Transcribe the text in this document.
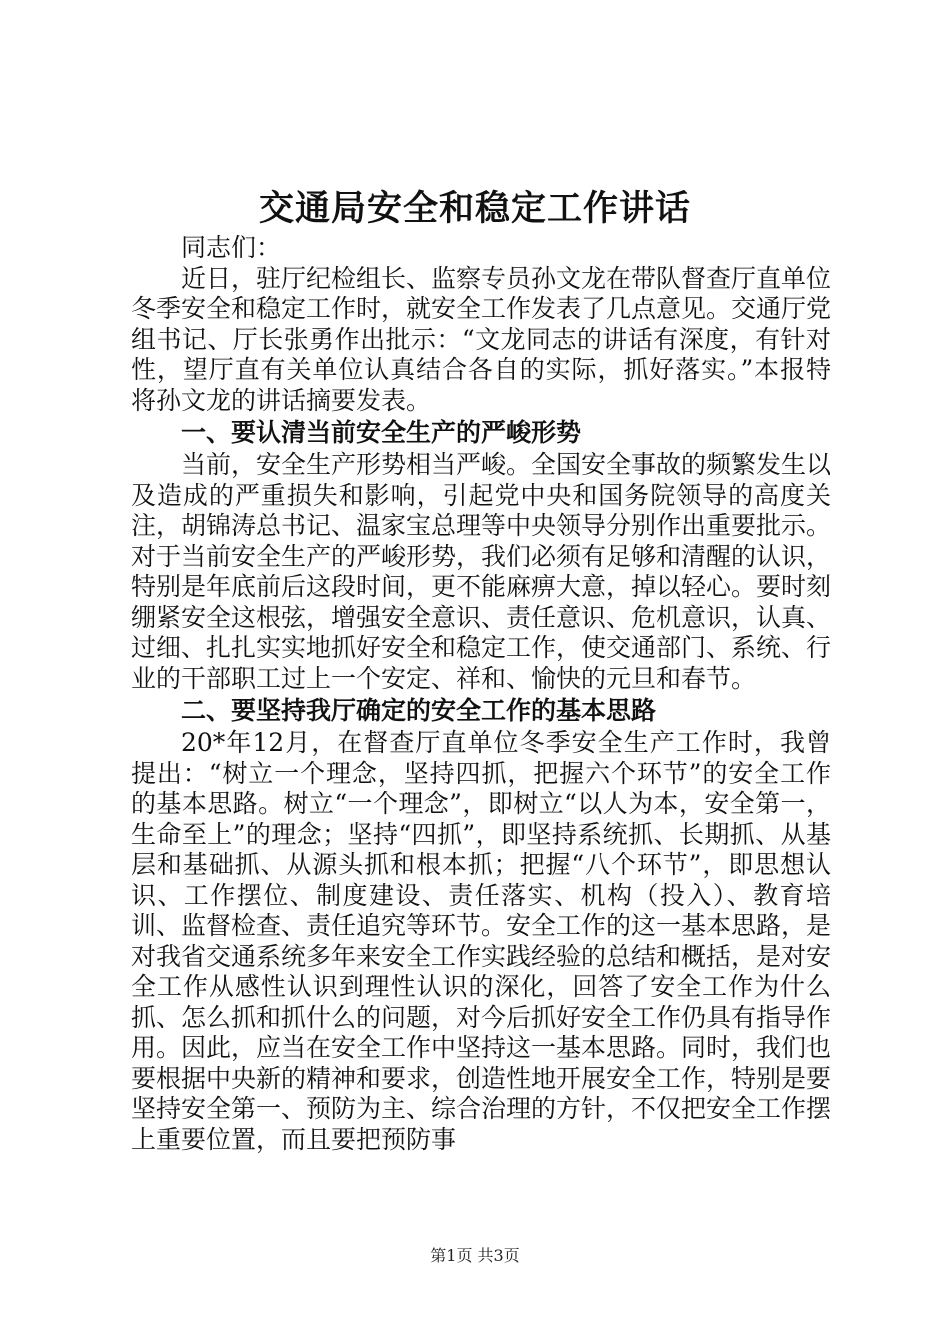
交通局安全和稳定工作讲话

同志们：

近日，驻厅纪检组长、监察专员孙文龙在带队督查厅直单位冬季安全和稳定工作时，就安全工作发表了几点意见。交通厅党组书记、厅长张勇作出批示：“文龙同志的讲话有深度，有针对性，望厅直有关单位认真结合各自的实际，抓好落实。”本报特将孙文龙的讲话摘要发表。

一、要认清当前安全生产的严峻形势

当前，安全生产形势相当严峻。全国安全事故的频繁发生以及造成的严重损失和影响，引起党中央和国务院领导的高度关注，胡锦涛总书记、温家宝总理等中央领导分别作出重要批示。对于当前安全生产的严峻形势，我们必须有足够和清醒的认识，特别是年底前后这段时间，更不能麻痹大意，掉以轻心。要时刻绷紧安全这根弦，增强安全意识、责任意识、危机意识，认真、过细、扎扎实实地抓好安全和稳定工作，使交通部门、系统、行业的干部职工过上一个安定、祥和、愉快的元旦和春节。

二、要坚持我厅确定的安全工作的基本思路

20*年12月，在督查厅直单位冬季安全生产工作时，我曾提出：“树立一个理念，坚持四抓，把握六个环节”的安全工作的基本思路。树立“一个理念”，即树立“以人为本，安全第一，生命至上”的理念；坚持“四抓”，即坚持系统抓、长期抓、从基层和基础抓、从源头抓和根本抓；把握“八个环节”，即思想认识、工作摆位、制度建设、责任落实、机构（投入）、教育培训、监督检查、责任追究等环节。安全工作的这一基本思路，是对我省交通系统多年来安全工作实践经验的总结和概括，是对安全工作从感性认识到理性认识的深化，回答了安全工作为什么抓、怎么抓和抓什么的问题，对今后抓好安全工作仍具有指导作用。因此，应当在安全工作中坚持这一基本思路。同时，我们也要根据中央新的精神和要求，创造性地开展安全工作，特别是要坚持安全第一、预防为主、综合治理的方针，不仅把安全工作摆上重要位置，而且要把预防事

第1页 共3页
